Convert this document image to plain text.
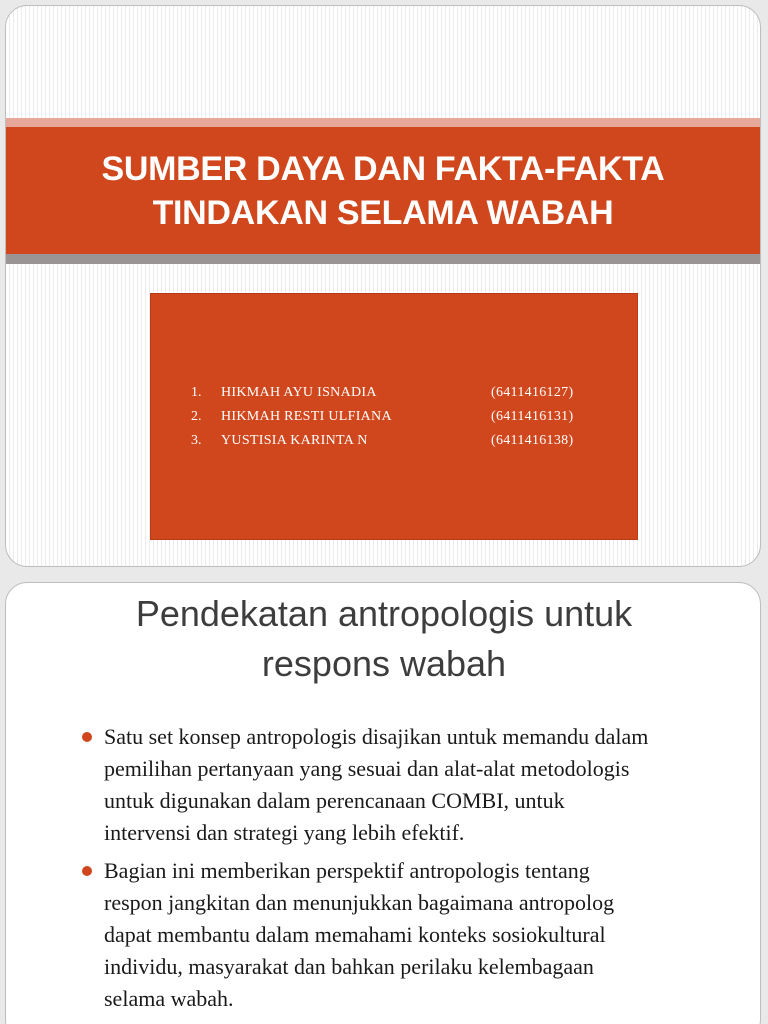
SUMBER DAYA DAN FAKTA-FAKTA
TINDAKAN SELAMA WABAH
1.	HIKMAH AYU ISNADIA	(6411416127)
2.	HIKMAH RESTI ULFIANA	(6411416131)
3.	YUSTISIA KARINTA N	(6411416138)
Pendekatan antropologis untuk
respons wabah
Satu set konsep antropologis disajikan untuk memandu dalam
pemilihan pertanyaan yang sesuai dan alat-alat metodologis
untuk digunakan dalam perencanaan COMBI, untuk
intervensi dan strategi yang lebih efektif.
Bagian ini memberikan perspektif antropologis tentang
respon jangkitan dan menunjukkan bagaimana antropolog
dapat membantu dalam memahami konteks sosiokultural
individu, masyarakat dan bahkan perilaku kelembagaan
selama wabah.
